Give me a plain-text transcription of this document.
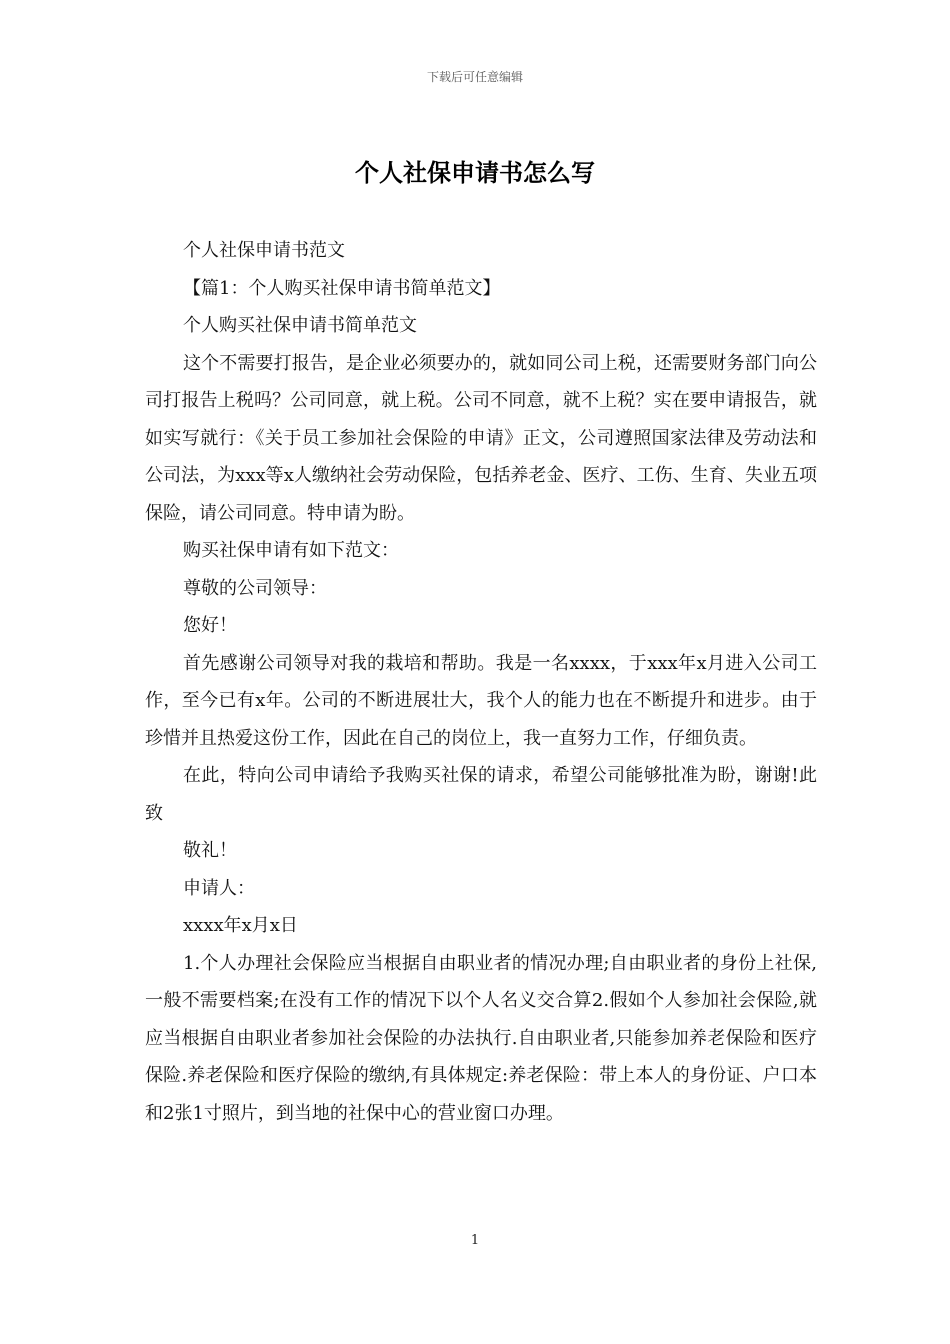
下载后可任意编辑
个人社保申请书怎么写

个人社保申请书范文

【篇1：个人购买社保申请书简单范文】

个人购买社保申请书简单范文

这个不需要打报告，是企业必须要办的，就如同公司上税，还需要财务部门向公司打报告上税吗？公司同意，就上税。公司不同意，就不上税？实在要申请报告，就如实写就行：《关于员工参加社会保险的申请》正文，公司遵照国家法律及劳动法和公司法，为xxx等x人缴纳社会劳动保险，包括养老金、医疗、工伤、生育、失业五项保险，请公司同意。特申请为盼。

购买社保申请有如下范文：

尊敬的公司领导：

您好！

首先感谢公司领导对我的栽培和帮助。我是一名xxxx，于xxx年x月进入公司工作，至今已有x年。公司的不断进展壮大，我个人的能力也在不断提升和进步。由于珍惜并且热爱这份工作，因此在自己的岗位上，我一直努力工作，仔细负责。

在此，特向公司申请给予我购买社保的请求，希望公司能够批准为盼，谢谢!此致

敬礼！

申请人：

xxxx年x月x日

1.个人办理社会保险应当根据自由职业者的情况办理;自由职业者的身份上社保,一般不需要档案;在没有工作的情况下以个人名义交合算2.假如个人参加社会保险,就应当根据自由职业者参加社会保险的办法执行.自由职业者,只能参加养老保险和医疗保险.养老保险和医疗保险的缴纳,有具体规定:养老保险：带上本人的身份证、户口本和2张1寸照片，到当地的社保中心的营业窗口办理。

1
